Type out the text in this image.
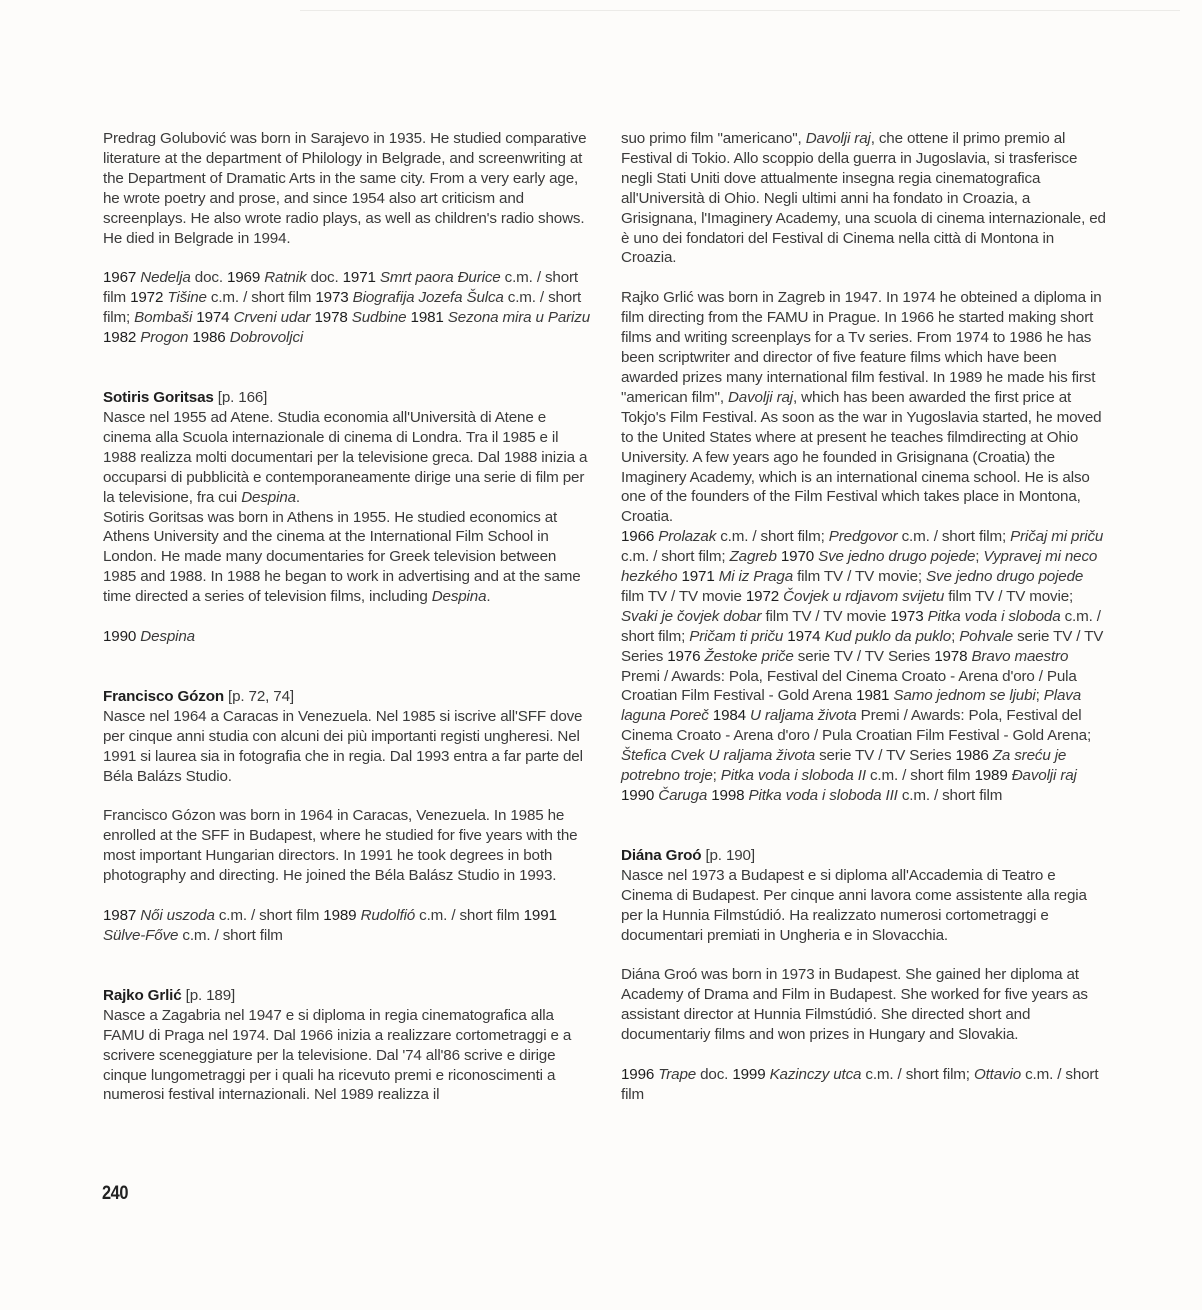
Predrag Golubović was born in Sarajevo in 1935. He studied comparative literature at the department of Philology in Belgrade, and screenwriting at the Department of Dramatic Arts in the same city. From a very early age, he wrote poetry and prose, and since 1954 also art criticism and screenplays. He also wrote radio plays, as well as children's radio shows. He died in Belgrade in 1994.

1967 Nedelja doc. 1969 Ratnik doc. 1971 Smrt paora Đurice c.m. / short film 1972 Tišine c.m. / short film 1973 Biografija Jozefa Šulca c.m. / short film; Bombaši 1974 Crveni udar 1978 Sudbine 1981 Sezona mira u Parizu 1982 Progon 1986 Dobrovoljci

Sotiris Goritsas [p. 166]

Nasce nel 1955 ad Atene. Studia economia all'Università di Atene e cinema alla Scuola internazionale di cinema di Londra. Tra il 1985 e il 1988 realizza molti documentari per la televisione greca. Dal 1988 inizia a occuparsi di pubblicità e contemporaneamente dirige una serie di film per la televisione, fra cui Despina.

Sotiris Goritsas was born in Athens in 1955. He studied economics at Athens University and the cinema at the International Film School in London. He made many documentaries for Greek television between 1985 and 1988. In 1988 he began to work in advertising and at the same time directed a series of television films, including Despina.

1990 Despina

Francisco Gózon [p. 72, 74]

Nasce nel 1964 a Caracas in Venezuela. Nel 1985 si iscrive all'SFF dove per cinque anni studia con alcuni dei più importanti registi ungheresi. Nel 1991 si laurea sia in fotografia che in regia. Dal 1993 entra a far parte del Béla Balázs Studio.

Francisco Gózon was born in 1964 in Caracas, Venezuela. In 1985 he enrolled at the SFF in Budapest, where he studied for five years with the most important Hungarian directors. In 1991 he took degrees in both photography and directing. He joined the Béla Balász Studio in 1993.

1987 Női uszoda c.m. / short film 1989 Rudolfió c.m. / short film 1991 Sülve-Főve c.m. / short film

Rajko Grlić [p. 189]

Nasce a Zagabria nel 1947 e si diploma in regia cinematografica alla FAMU di Praga nel 1974. Dal 1966 inizia a realizzare cortometraggi e a scrivere sceneggiature per la televisione. Dal '74 all'86 scrive e dirige cinque lungometraggi per i quali ha ricevuto premi e riconoscimenti a numerosi festival internazionali. Nel 1989 realizza il

suo primo film "americano", Davolji raj, che ottene il primo premio al Festival di Tokio. Allo scoppio della guerra in Jugoslavia, si trasferisce negli Stati Uniti dove attualmente insegna regia cinematografica all'Università di Ohio. Negli ultimi anni ha fondato in Croazia, a Grisignana, l'Imaginery Academy, una scuola di cinema internazionale, ed è uno dei fondatori del Festival di Cinema nella città di Montona in Croazia.

Rajko Grlić was born in Zagreb in 1947. In 1974 he obteined a diploma in film directing from the FAMU in Prague. In 1966 he started making short films and writing screenplays for a Tv series. From 1974 to 1986 he has been scriptwriter and director of five feature films which have been awarded prizes many international film festival. In 1989 he made his first "american film", Davolji raj, which has been awarded the first price at Tokjo's Film Festival. As soon as the war in Yugoslavia started, he moved to the United States where at present he teaches filmdirecting at Ohio University. A few years ago he founded in Grisignana (Croatia) the Imaginery Academy, which is an international cinema school. He is also one of the founders of the Film Festival which takes place in Montona, Croatia.

1966 Prolazak c.m. / short film; Predgovor c.m. / short film; Pričaj mi priču c.m. / short film; Zagreb 1970 Sve jedno drugo pojede; Vypravej mi neco hezkého 1971 Mi iz Praga film TV / TV movie; Sve jedno drugo pojede film TV / TV movie 1972 Čovjek u rdjavom svijetu film TV / TV movie; Svaki je čovjek dobar film TV / TV movie 1973 Pitka voda i sloboda c.m. / short film; Pričam ti priču 1974 Kud puklo da puklo; Pohvale serie TV / TV Series 1976 Žestoke priče serie TV / TV Series 1978 Bravo maestro Premi / Awards: Pola, Festival del Cinema Croato - Arena d'oro / Pula Croatian Film Festival - Gold Arena 1981 Samo jednom se ljubi; Plava laguna Poreč 1984 U raljama života Premi / Awards: Pola, Festival del Cinema Croato - Arena d'oro / Pula Croatian Film Festival - Gold Arena; Štefica Cvek U raljama života serie TV / TV Series 1986 Za sreću je potrebno troje; Pitka voda i sloboda II c.m. / short film 1989 Đavolji raj 1990 Čaruga 1998 Pitka voda i sloboda III c.m. / short film

Diána Groó [p. 190]

Nasce nel 1973 a Budapest e si diploma all'Accademia di Teatro e Cinema di Budapest. Per cinque anni lavora come assistente alla regia per la Hunnia Filmstúdió. Ha realizzato numerosi cortometraggi e documentari premiati in Ungheria e in Slovacchia.

Diána Groó was born in 1973 in Budapest. She gained her diploma at Academy of Drama and Film in Budapest. She worked for five years as assistant director at Hunnia Filmstúdió. She directed short and documentariy films and won prizes in Hungary and Slovakia.

1996 Trape doc. 1999 Kazinczy utca c.m. / short film; Ottavio c.m. / short film

240
